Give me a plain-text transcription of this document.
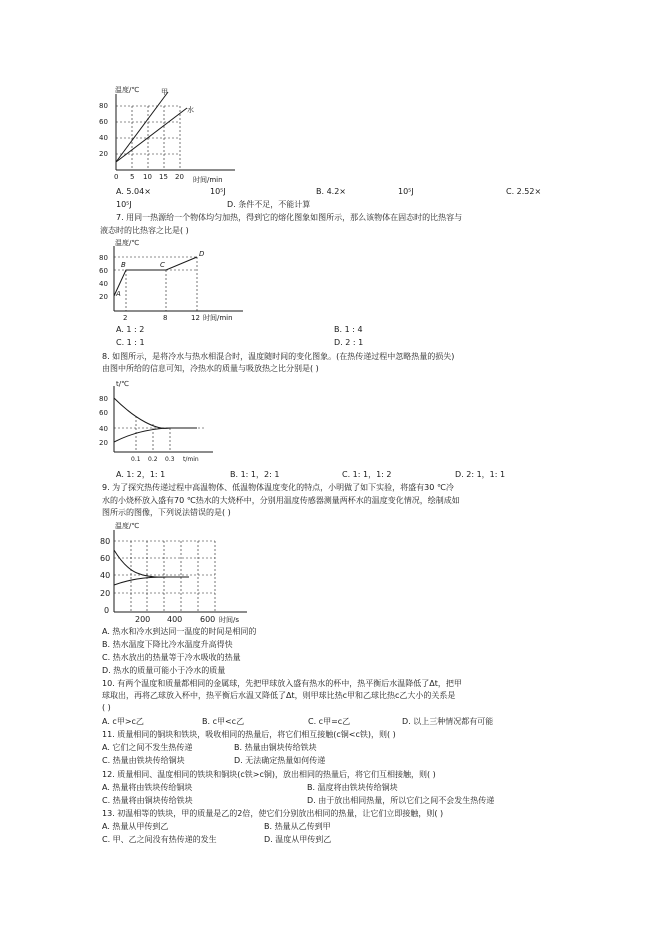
温度/℃
80
60
40
20
0 5 10 15 20 时间/min
甲
水
A. 5.04×	10⁵J	B. 4.2×	10⁵J	C. 2.52×
10⁵J	D. 条件不足，不能计算
7. 用同一热源给一个物体均匀加热，得到它的熔化图象如图所示，那么该物体在固态时的比热容与
液态时的比热容之比是( )
温度/℃
80
60
40
20 A
B	C
D
2	8	12 时间/min
A. 1 : 2	B. 1 : 4
C. 1 : 1	D. 2 : 1
8. 如图所示，是将冷水与热水相混合时，温度随时间的变化图象。(在热传递过程中忽略热量的损失)
由图中所给的信息可知，冷热水的质量与吸放热之比分别是( )
t/℃
80
60
40
20
0.1 0.2 0.3 t/min
A. 1: 2，1: 1	B. 1: 1，2: 1	C. 1: 1，1: 2	D. 2: 1，1: 1
9. 为了探究热传递过程中高温物体、低温物体温度变化的特点，小明做了如下实验，将盛有30 ℃冷
水的小烧杯放入盛有70 ℃热水的大烧杯中，分别用温度传感器测量两杯水的温度变化情况，绘制成如
图所示的图像，下列说法错误的是( )
温度/℃
80
60
40
20
0
200 400 600 时间/s
A. 热水和冷水到达同一温度的时间是相同的
B. 热水温度下降比冷水温度升高得快
C. 热水放出的热量等于冷水吸收的热量
D. 热水的质量可能小于冷水的质量
10. 有两个温度和质量都相同的金属球，先把甲球放入盛有热水的杯中，热平衡后水温降低了Δt，把甲
球取出，再将乙球放入杯中，热平衡后水温又降低了Δt，则甲球比热c甲和乙球比热c乙大小的关系是
( )
A. c甲>c乙	B. c甲<c乙	C. c甲=c乙	D. 以上三种情况都有可能
11. 质量相同的铜块和铁块，吸收相同的热量后，将它们相互接触(c铜<c铁)，则( )
A. 它们之间不发生热传递	B. 热量由铜块传给铁块
C. 热量由铁块传给铜块	D. 无法确定热量如何传递
12. 质量相同、温度相同的铁块和铜块(c铁>c铜)，放出相同的热量后，将它们互相接触，则( )
A. 热量将由铁块传给铜块	B. 温度将由铁块传给铜块
C. 热量将由铜块传给铁块	D. 由于放出相同热量，所以它们之间不会发生热传递
13. 初温相等的铁块，甲的质量是乙的2倍，使它们分别放出相同的热量，让它们立即接触，则( )
A. 热量从甲传到乙	B. 热量从乙传到甲
C. 甲、乙之间没有热传递的发生	D. 温度从甲传到乙
